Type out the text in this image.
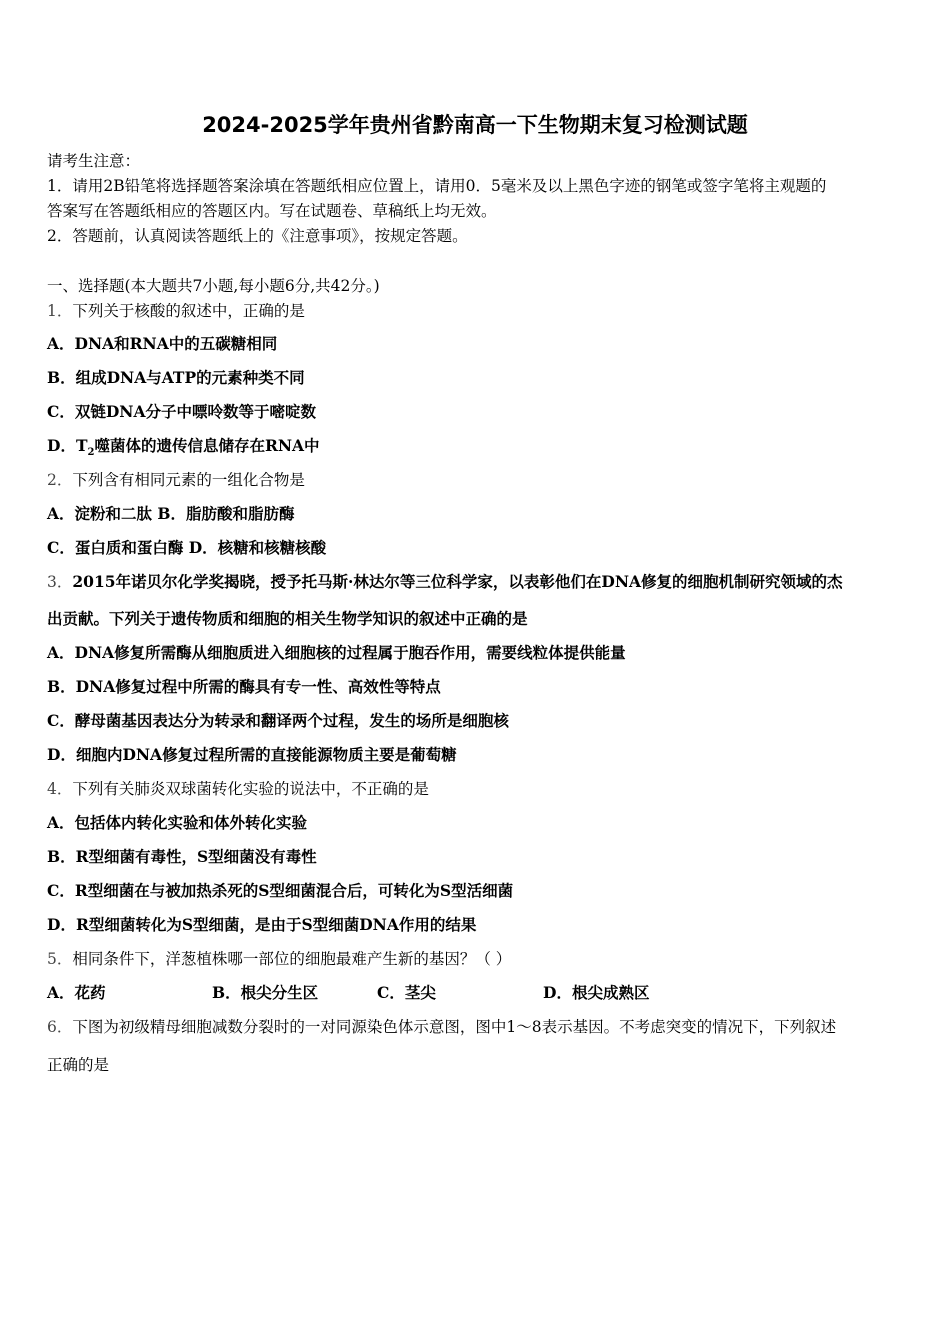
2024-2025学年贵州省黔南高一下生物期末复习检测试题
请考生注意：
1．请用2B铅笔将选择题答案涂填在答题纸相应位置上，请用0．5毫米及以上黑色字迹的钢笔或签字笔将主观题的
答案写在答题纸相应的答题区内。写在试题卷、草稿纸上均无效。
2．答题前，认真阅读答题纸上的《注意事项》，按规定答题。
一、选择题(本大题共7小题,每小题6分,共42分。)
1．下列关于核酸的叙述中，正确的是
A．DNA和RNA中的五碳糖相同
B．组成DNA与ATP的元素种类不同
C．双链DNA分子中嘌呤数等于嘧啶数
D．$T_2$噬菌体的遗传信息储存在RNA中
2．下列含有相同元素的一组化合物是
A．淀粉和二肽 B．脂肪酸和脂肪酶
C．蛋白质和蛋白酶 D．核糖和核糖核酸
3．2015年诺贝尔化学奖揭晓，授予托马斯·林达尔等三位科学家，以表彰他们在DNA修复的细胞机制研究领域的杰
出贡献。下列关于遗传物质和细胞的相关生物学知识的叙述中正确的是
A．DNA修复所需酶从细胞质进入细胞核的过程属于胞吞作用，需要线粒体提供能量
B．DNA修复过程中所需的酶具有专一性、高效性等特点
C．酵母菌基因表达分为转录和翻译两个过程，发生的场所是细胞核
D．细胞内DNA修复过程所需的直接能源物质主要是葡萄糖
4．下列有关肺炎双球菌转化实验的说法中，不正确的是
A．包括体内转化实验和体外转化实验
B．R型细菌有毒性，S型细菌没有毒性
C．R型细菌在与被加热杀死的S型细菌混合后，可转化为S型活细菌
D．R型细菌转化为S型细菌，是由于S型细菌DNA作用的结果
5．相同条件下，洋葱植株哪一部位的细胞最难产生新的基因？（ ）
A．花药	B．根尖分生区	C．茎尖	D．根尖成熟区
6．下图为初级精母细胞减数分裂时的一对同源染色体示意图，图中1～8表示基因。不考虑突变的情况下，下列叙述
正确的是
